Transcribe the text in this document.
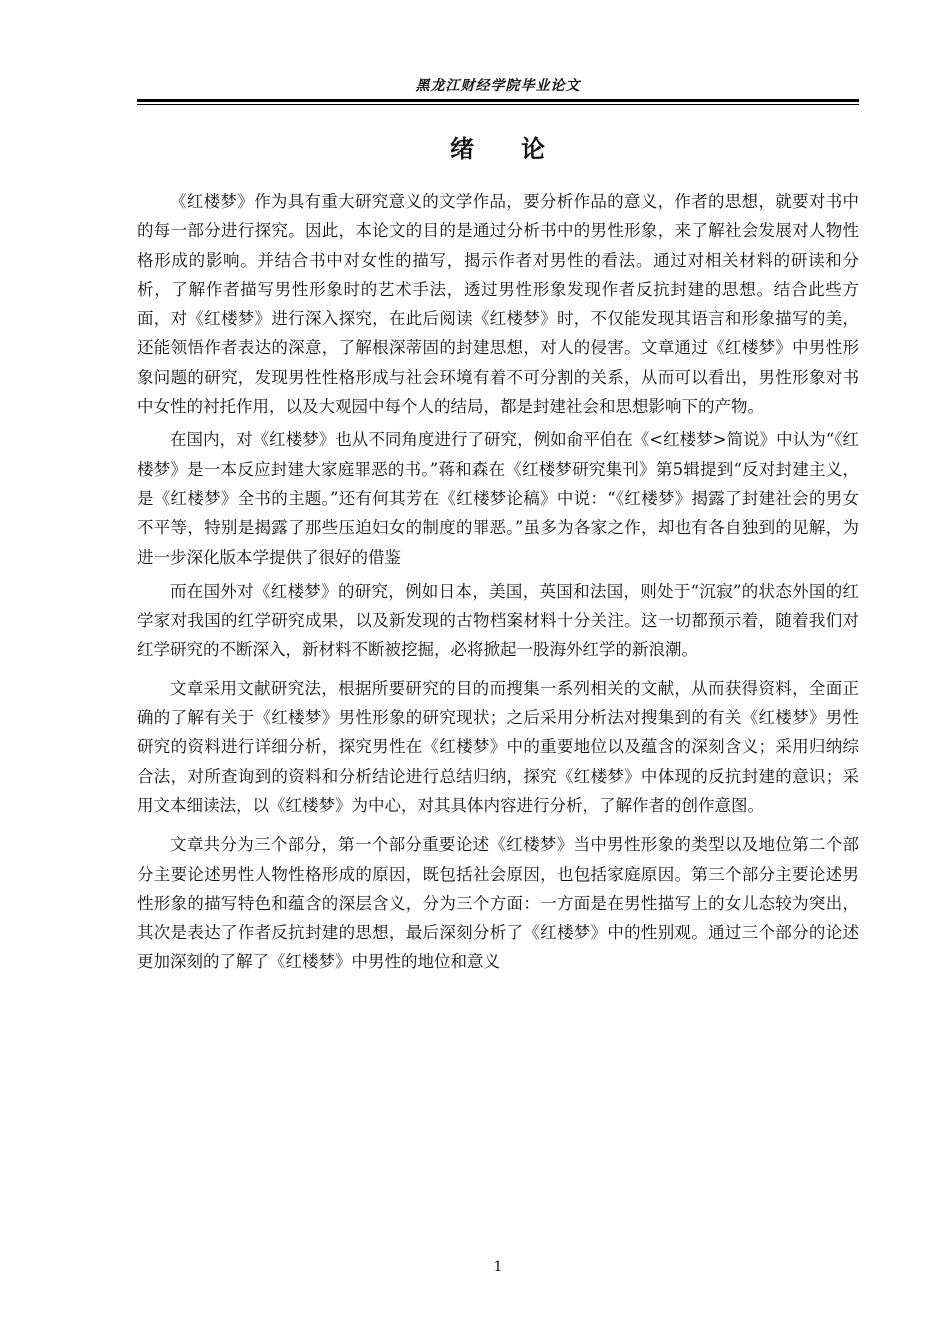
黑龙江财经学院毕业论文
绪 论

《红楼梦》作为具有重大研究意义的文学作品，要分析作品的意义，作者的思想，就要对书中的每一部分进行探究。因此，本论文的目的是通过分析书中的男性形象，来了解社会发展对人物性格形成的影响。并结合书中对女性的描写，揭示作者对男性的看法。通过对相关材料的研读和分析，了解作者描写男性形象时的艺术手法，透过男性形象发现作者反抗封建的思想。结合此些方面，对《红楼梦》进行深入探究，在此后阅读《红楼梦》时，不仅能发现其语言和形象描写的美，还能领悟作者表达的深意，了解根深蒂固的封建思想，对人的侵害。文章通过《红楼梦》中男性形象问题的研究，发现男性性格形成与社会环境有着不可分割的关系，从而可以看出，男性形象对书中女性的衬托作用，以及大观园中每个人的结局，都是封建社会和思想影响下的产物。

在国内，对《红楼梦》也从不同角度进行了研究，例如俞平伯在《<红楼梦>简说》中认为“《红楼梦》是一本反应封建大家庭罪恶的书。”蒋和森在《红楼梦研究集刊》第5辑提到“反对封建主义，是《红楼梦》全书的主题。”还有何其芳在《红楼梦论稿》中说：“《红楼梦》揭露了封建社会的男女不平等，特别是揭露了那些压迫妇女的制度的罪恶。”虽多为各家之作，却也有各自独到的见解，为进一步深化版本学提供了很好的借鉴

而在国外对《红楼梦》的研究，例如日本，美国，英国和法国，则处于“沉寂”的状态外国的红学家对我国的红学研究成果，以及新发现的古物档案材料十分关注。这一切都预示着，随着我们对红学研究的不断深入，新材料不断被挖掘，必将掀起一股海外红学的新浪潮。

文章采用文献研究法，根据所要研究的目的而搜集一系列相关的文献，从而获得资料，全面正确的了解有关于《红楼梦》男性形象的研究现状；之后采用分析法对搜集到的有关《红楼梦》男性研究的资料进行详细分析，探究男性在《红楼梦》中的重要地位以及蕴含的深刻含义；采用归纳综合法，对所查询到的资料和分析结论进行总结归纳，探究《红楼梦》中体现的反抗封建的意识；采用文本细读法，以《红楼梦》为中心，对其具体内容进行分析，了解作者的创作意图。

文章共分为三个部分，第一个部分重要论述《红楼梦》当中男性形象的类型以及地位第二个部分主要论述男性人物性格形成的原因，既包括社会原因，也包括家庭原因。第三个部分主要论述男性形象的描写特色和蕴含的深层含义，分为三个方面：一方面是在男性描写上的女儿态较为突出，其次是表达了作者反抗封建的思想，最后深刻分析了《红楼梦》中的性别观。通过三个部分的论述更加深刻的了解了《红楼梦》中男性的地位和意义

1
